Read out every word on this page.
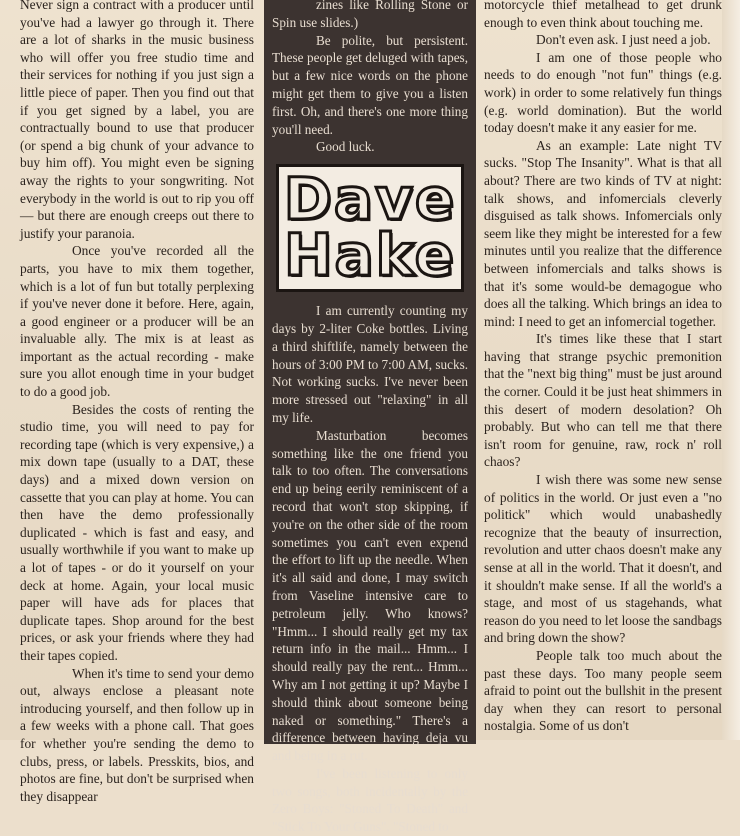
Never sign a contract with a producer until you've had a lawyer go through it. There are a lot of sharks in the music business who will offer you free studio time and their services for nothing if you just sign a little piece of paper. Then you find out that if you get signed by a label, you are contractually bound to use that producer (or spend a big chunk of your advance to buy him off). You might even be signing away the rights to your songwriting. Not everybody in the world is out to rip you off — but there are enough creeps out there to justify your paranoia.

Once you've recorded all the parts, you have to mix them together, which is a lot of fun but totally perplexing if you've never done it before. Here, again, a good engineer or a producer will be an invaluable ally. The mix is at least as important as the actual recording - make sure you allot enough time in your budget to do a good job.

Besides the costs of renting the studio time, you will need to pay for recording tape (which is very expensive,) a mix down tape (usually to a DAT, these days) and a mixed down version on cassette that you can play at home. You can then have the demo professionally duplicated - which is fast and easy, and usually worthwhile if you want to make up a lot of tapes - or do it yourself on your deck at home. Again, your local music paper will have ads for places that duplicate tapes. Shop around for the best prices, or ask your friends where they had their tapes copied.

When it's time to send your demo out, always enclose a pleasant note introducing yourself, and then follow up in a few weeks with a phone call. That goes for whether you're sending the demo to clubs, press, or labels. Presskits, bios, and photos are fine, but don't be surprised when they disappear

zines like Rolling Stone or Spin use slides.)

Be polite, but persistent. These people get deluged with tapes, but a few nice words on the phone might get them to give you a listen first. Oh, and there's one more thing you'll need.

Good luck.

Dave
Hake

I am currently counting my days by 2-liter Coke bottles. Living a third shiftlife, namely between the hours of 3:00 PM to 7:00 AM, sucks. Not working sucks. I've never been more stressed out "relaxing" in all my life.

Masturbation becomes something like the one friend you talk to too often. The conversations end up being eerily reminiscent of a record that won't stop skipping, if you're on the other side of the room sometimes you can't even expend the effort to lift up the needle. When it's all said and done, I may switch from Vaseline intensive care to petroleum jelly. Who knows? "Hmm... I should really get my tax return info in the mail... Hmm... I should really pay the rent... Hmm... Why am I not getting it up? Maybe I should think about someone being naked or something." There's a difference between having deja vu and being in a rut.

I've been listening to only two songs, both incidentally by the Zero Boys: "Stoned To Death" and "Stick To Your Guns". "Stoned to

motorcycle thief metalhead to get drunk enough to even think about touching me.

Don't even ask. I just need a job.

I am one of those people who needs to do enough "not fun" things (e.g. work) in order to some relatively fun things (e.g. world domination). But the world today doesn't make it any easier for me.

As an example: Late night TV sucks. "Stop The Insanity". What is that all about? There are two kinds of TV at night: talk shows, and infomercials cleverly disguised as talk shows. Infomercials only seem like they might be interested for a few minutes until you realize that the difference between infomercials and talks shows is that it's some would-be demagogue who does all the talking. Which brings an idea to mind: I need to get an infomercial together.

It's times like these that I start having that strange psychic premonition that the "next big thing" must be just around the corner. Could it be just heat shimmers in this desert of modern desolation? Oh probably. But who can tell me that there isn't room for genuine, raw, rock n' roll chaos?

I wish there was some new sense of politics in the world. Or just even a "no politick" which would unabashedly recognize that the beauty of insurrection, revolution and utter chaos doesn't make any sense at all in the world. That it doesn't, and it shouldn't make sense. If all the world's a stage, and most of us stagehands, what reason do you need to let loose the sandbags and bring down the show?

People talk too much about the past these days. Too many people seem afraid to point out the bullshit in the present day when they can resort to personal nostalgia. Some of us don't
